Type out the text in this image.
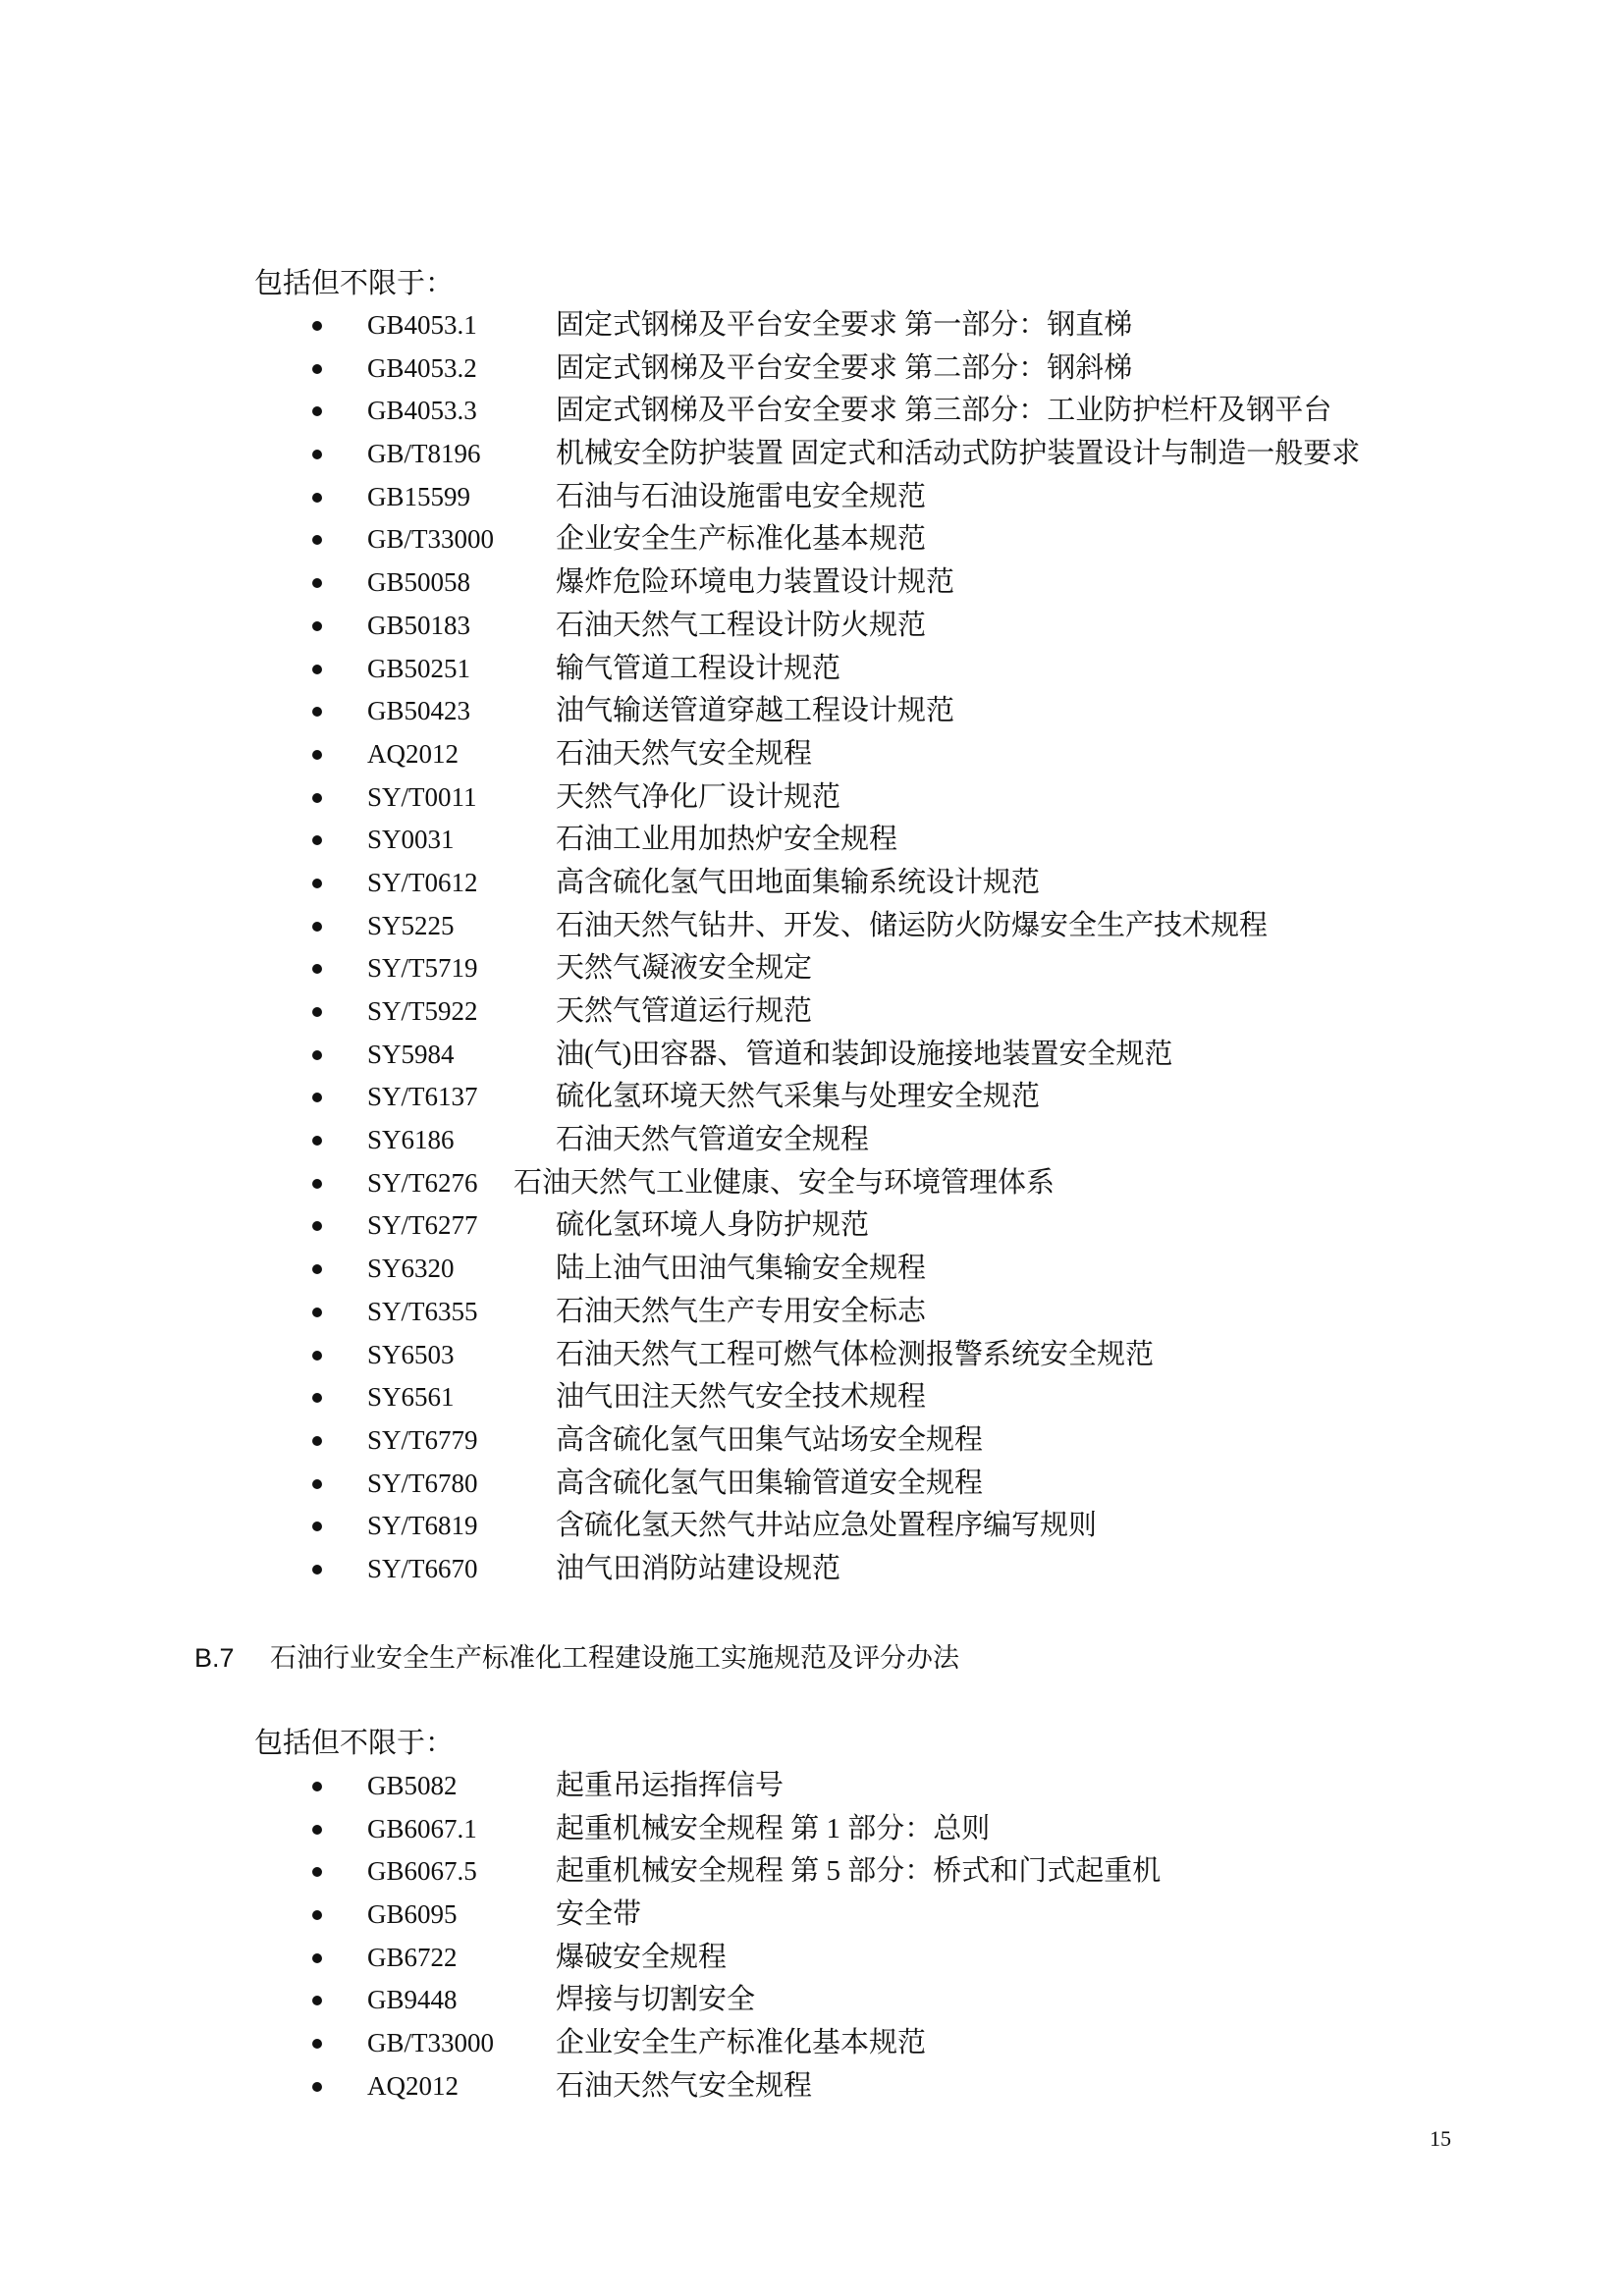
包括但不限于：
GB4053.1	固定式钢梯及平台安全要求 第一部分：钢直梯
GB4053.2	固定式钢梯及平台安全要求 第二部分：钢斜梯
GB4053.3	固定式钢梯及平台安全要求 第三部分：工业防护栏杆及钢平台
GB/T8196	机械安全防护装置 固定式和活动式防护装置设计与制造一般要求
GB15599	石油与石油设施雷电安全规范
GB/T33000 企业安全生产标准化基本规范
GB50058	爆炸危险环境电力装置设计规范
GB50183	石油天然气工程设计防火规范
GB50251	输气管道工程设计规范
GB50423	油气输送管道穿越工程设计规范
AQ2012	石油天然气安全规程
SY/T0011	天然气净化厂设计规范
SY0031	石油工业用加热炉安全规程
SY/T0612	高含硫化氢气田地面集输系统设计规范
SY5225	石油天然气钻井、开发、储运防火防爆安全生产技术规程
SY/T5719	天然气凝液安全规定
SY/T5922	天然气管道运行规范
SY5984	油(气)田容器、管道和装卸设施接地装置安全规范
SY/T6137	硫化氢环境天然气采集与处理安全规范
SY6186	石油天然气管道安全规程
SY/T6276 石油天然气工业健康、安全与环境管理体系
SY/T6277	硫化氢环境人身防护规范
SY6320	陆上油气田油气集输安全规程
SY/T6355	石油天然气生产专用安全标志
SY6503	石油天然气工程可燃气体检测报警系统安全规范
SY6561	油气田注天然气安全技术规程
SY/T6779	高含硫化氢气田集气站场安全规程
SY/T6780	高含硫化氢气田集输管道安全规程
SY/T6819	含硫化氢天然气井站应急处置程序编写规则
SY/T6670	油气田消防站建设规范
B.7 石油行业安全生产标准化工程建设施工实施规范及评分办法
包括但不限于：
GB5082	起重吊运指挥信号
GB6067.1	起重机械安全规程 第 1 部分：总则
GB6067.5	起重机械安全规程 第 5 部分：桥式和门式起重机
GB6095	安全带
GB6722	爆破安全规程
GB9448	焊接与切割安全
GB/T33000 企业安全生产标准化基本规范
AQ2012	石油天然气安全规程
15
